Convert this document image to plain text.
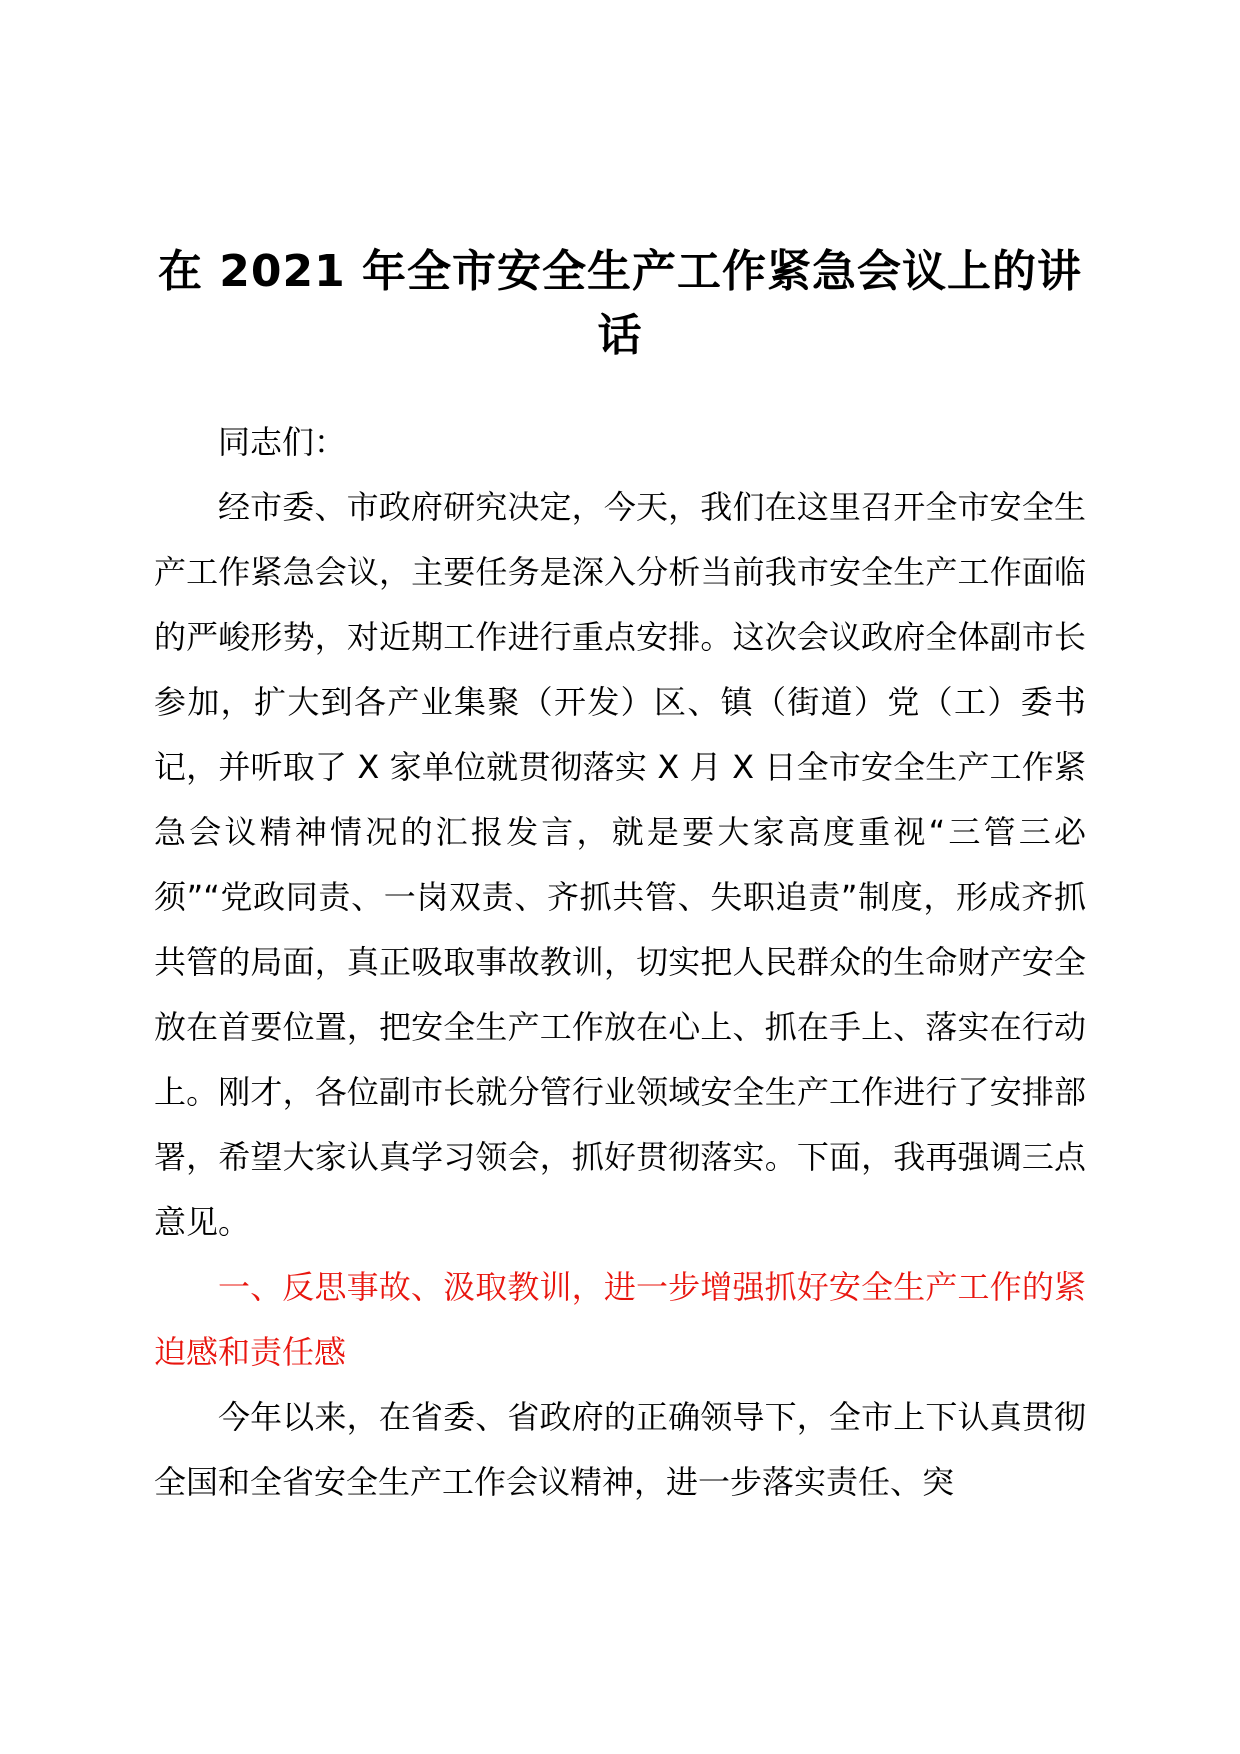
在 2021 年全市安全生产工作紧急会议上的讲话

同志们：

经市委、市政府研究决定，今天，我们在这里召开全市安全生产工作紧急会议，主要任务是深入分析当前我市安全生产工作面临的严峻形势，对近期工作进行重点安排。这次会议政府全体副市长参加，扩大到各产业集聚（开发）区、镇（街道）党（工）委书记，并听取了 X 家单位就贯彻落实 X 月 X 日全市安全生产工作紧急会议精神情况的汇报发言，就是要大家高度重视“三管三必须”“党政同责、一岗双责、齐抓共管、失职追责”制度，形成齐抓共管的局面，真正吸取事故教训，切实把人民群众的生命财产安全放在首要位置，把安全生产工作放在心上、抓在手上、落实在行动上。刚才，各位副市长就分管行业领域安全生产工作进行了安排部署，希望大家认真学习领会，抓好贯彻落实。下面，我再强调三点意见。

一、反思事故、汲取教训，进一步增强抓好安全生产工作的紧迫感和责任感

今年以来，在省委、省政府的正确领导下，全市上下认真贯彻全国和全省安全生产工作会议精神，进一步落实责任、突
